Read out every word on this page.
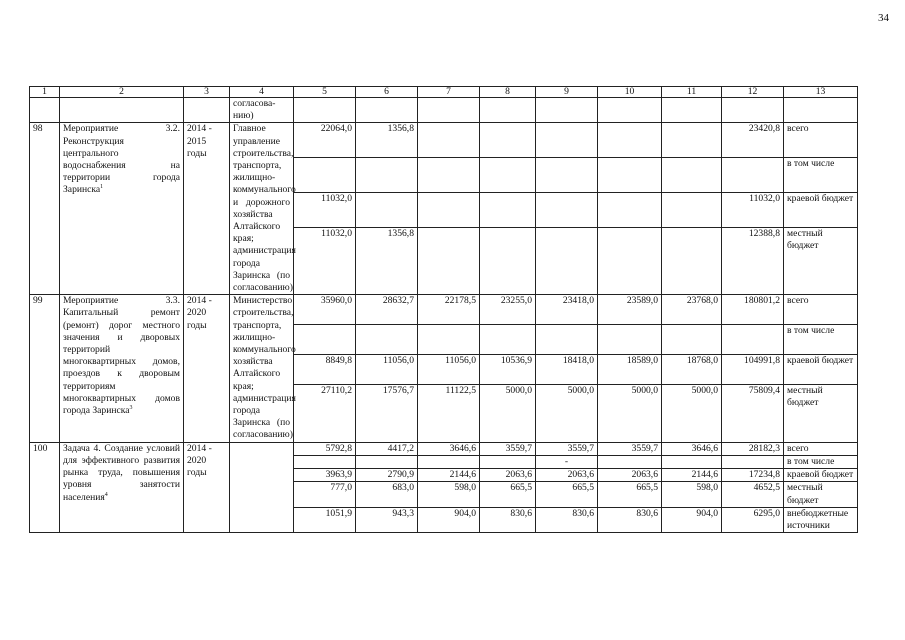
34
1	2	3	4	5	6	7	8	9	10	11	12	13
			согласова-
нию)									
98	Мероприятие 3.2. Реконструкция центрального водоснабжения на территории города Заринска$^1$	2014 - 2015 годы	Главное управление строительства, транспорта, жилищно-коммунального и дорожного хозяйства Алтайского края; администрация города Заринска (по согласованию)	22064,0	1356,8						23420,8	всего
												в том числе
				11032,0							11032,0	краевой бюджет
				11032,0	1356,8						12388,8	местный бюджет
99	Мероприятие 3.3. Капитальный ремонт (ремонт) дорог местного значения и дворовых территорий многоквартирных домов, проездов к дворовым территориям многоквартирных домов города Заринска$^3$	2014 - 2020 годы	Министерство строительства, транспорта, жилищно-коммунального хозяйства Алтайского края; администрация города Заринска (по согласованию)	35960,0	28632,7	22178,5	23255,0	23418,0	23589,0	23768,0	180801,2	всего
												в том числе
				8849,8	11056,0	11056,0	10536,9	18418,0	18589,0	18768,0	104991,8	краевой бюджет
				27110,2	17576,7	11122,5	5000,0	5000,0	5000,0	5000,0	75809,4	местный бюджет
100	Задача 4. Создание условий для эффективного развития рынка труда, повышения уровня занятости населения$^4$	2014 - 2020 годы		5792,8	4417,2	3646,6	3559,7	3559,7	3559,7	3646,6	28182,3	всего
								-				в том числе
				3963,9	2790,9	2144,6	2063,6	2063,6	2063,6	2144,6	17234,8	краевой бюджет
				777,0	683,0	598,0	665,5	665,5	665,5	598,0	4652,5	местный бюджет
				1051,9	943,3	904,0	830,6	830,6	830,6	904,0	6295,0	внебюджетные источники
